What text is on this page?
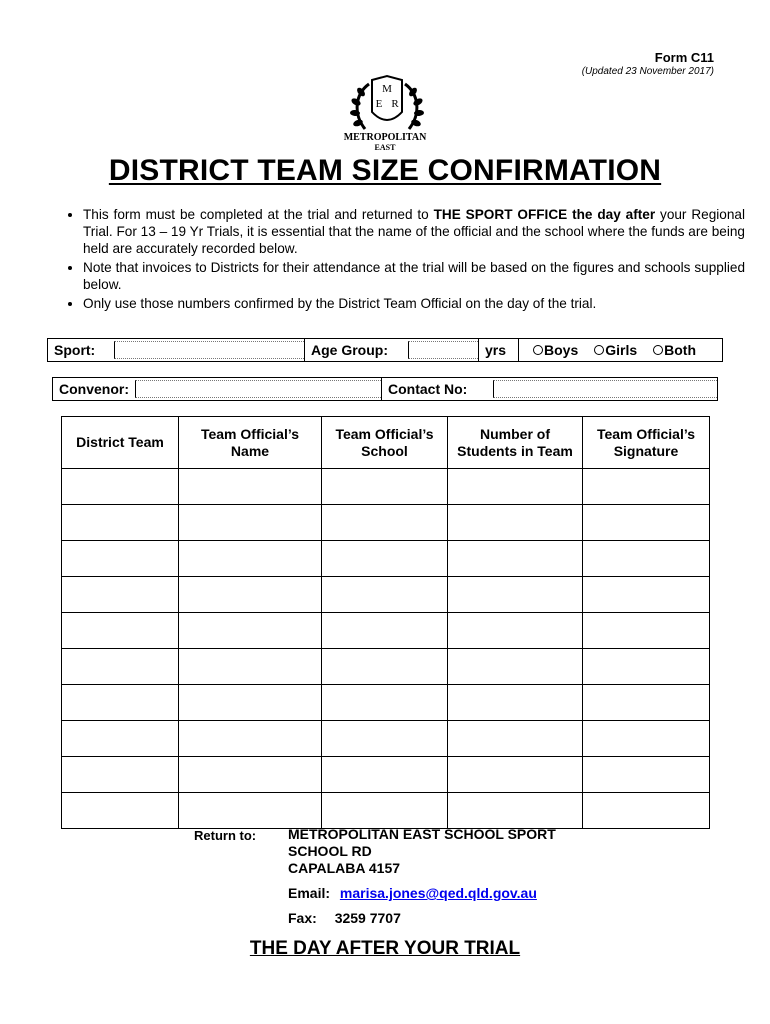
Form C11
(Updated 23 November 2017)
M
E R
METROPOLITAN
EAST
DISTRICT TEAM SIZE CONFIRMATION
• This form must be completed at the trial and returned to THE SPORT OFFICE the day after your Regional Trial. For 13 – 19 Yr Trials, it is essential that the name of the official and the school where the funds are being held are accurately recorded below.
• Note that invoices to Districts for their attendance at the trial will be based on the figures and schools supplied below.
• Only use those numbers confirmed by the District Team Official on the day of the trial.
Sport:	Age Group:	yrs	Boys Girls Both
Convenor:	Contact No:
District Team	Team Official’s Name	Team Official’s School	Number of Students in Team	Team Official’s Signature

Return to: METROPOLITAN EAST SCHOOL SPORT
SCHOOL RD
CAPALABA 4157
Email: marisa.jones@qed.qld.gov.au
Fax: 3259 7707
THE DAY AFTER YOUR TRIAL
